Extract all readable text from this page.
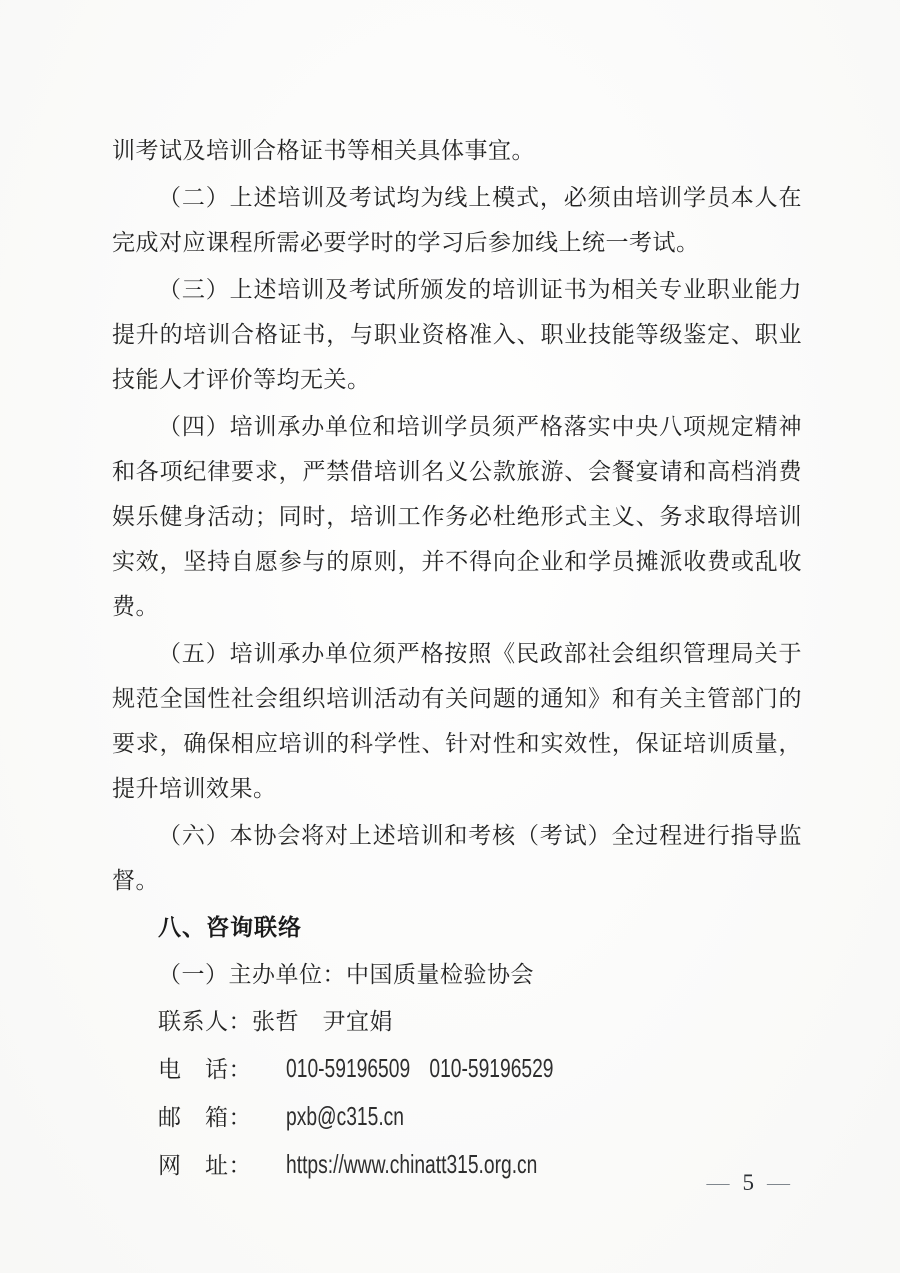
训考试及培训合格证书等相关具体事宜。

（二）上述培训及考试均为线上模式，必须由培训学员本人在完成对应课程所需必要学时的学习后参加线上统一考试。

（三）上述培训及考试所颁发的培训证书为相关专业职业能力提升的培训合格证书，与职业资格准入、职业技能等级鉴定、职业技能人才评价等均无关。

（四）培训承办单位和培训学员须严格落实中央八项规定精神和各项纪律要求，严禁借培训名义公款旅游、会餐宴请和高档消费娱乐健身活动；同时，培训工作务必杜绝形式主义、务求取得培训实效，坚持自愿参与的原则，并不得向企业和学员摊派收费或乱收费。

（五）培训承办单位须严格按照《民政部社会组织管理局关于规范全国性社会组织培训活动有关问题的通知》和有关主管部门的要求，确保相应培训的科学性、针对性和实效性，保证培训质量，提升培训效果。

（六）本协会将对上述培训和考核（考试）全过程进行指导监督。

八、咨询联络

（一）主办单位：中国质量检验协会

联系人：张哲　尹宜娟

电　话： 010-59196509　010-59196529

邮　箱： pxb@c315.cn

网　址： https://www.chinatt315.org.cn

— 5 —
